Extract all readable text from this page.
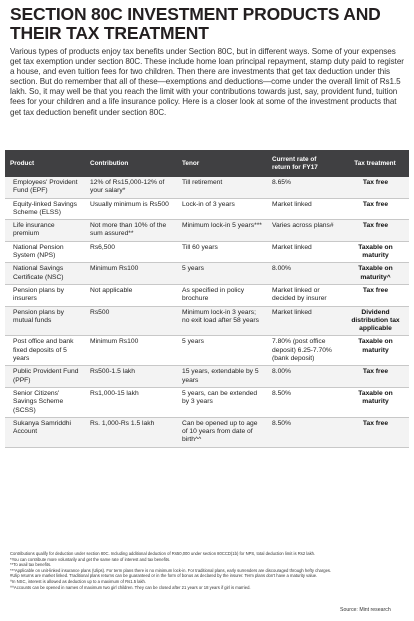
SECTION 80C INVESTMENT PRODUCTS AND THEIR TAX TREATMENT
Various types of products enjoy tax benefits under Section 80C, but in different ways. Some of your expenses get tax exemption under section 80C. These include home loan principal repayment, stamp duty paid to register a house, and even tuition fees for two children. Then there are investments that get tax deduction under this section. But do remember that all of these—exemptions and deductions—come under the overall limit of Rs1.5 lakh. So, it may well be that you reach the limit with your contributions towards just, say, provident fund, tuition fees for your children and a life insurance policy. Here is a closer look at some of the investment products that get tax deduction benefit under section 80C.
Product	Contribution	Tenor	Current rate of return for FY17	Tax treatment
Employees' Provident Fund (EPF)	12% of Rs15,000-12% of your salary*	Till retirement	8.65%	Tax free
Equity-linked Savings Scheme (ELSS)	Usually minimum is Rs500	Lock-in of 3 years	Market linked	Tax free
Life insurance premium	Not more than 10% of the sum assured**	Minimum lock-in 5 years***	Varies across plans#	Tax free
National Pension System (NPS)	Rs6,500	Till 60 years	Market linked	Taxable on maturity
National Savings Certificate (NSC)	Minimum Rs100	5 years	8.00%	Taxable on maturity^
Pension plans by insurers	Not applicable	As specified in policy brochure	Market linked or decided by insurer	Tax free
Pension plans by mutual funds	Rs500	Minimum lock-in 3 years; no exit load after 58 years	Market linked	Dividend distribution tax applicable
Post office and bank fixed deposits of 5 years	Minimum Rs100	5 years	7.80% (post office deposit) 6.25-7.70% (bank deposit)	Taxable on maturity
Public Provident Fund (PPF)	Rs500-1.5 lakh	15 years, extendable by 5 years	8.00%	Tax free
Senior Citizens' Savings Scheme (SCSS)	Rs1,000-15 lakh	5 years, can be extended by 3 years	8.50%	Taxable on maturity
Sukanya Samriddhi Account	Rs. 1,000-Rs 1.5 lakh	Can be opened up to age of 10 years from date of birth^^	8.50%	Tax free
Contributions qualify for deduction under section 80C. Including additional deduction of Rs50,000 under section 80CCD(1b) for NPS, total deduction limit is Rs2 lakh.
*You can contribute more voluntarily and get the same rate of interest and tax benefits.
**To avail tax benefits.
***Applicable on unit-linked insurance plans (Ulips). For term plans there is no minimum lock-in. For traditional plans, early surrenders are discouraged through hefty charges.
#Ulip returns are market linked. Traditional plans returns can be guaranteed or in the form of bonus as declared by the insurer. Term plans don't have a maturity value.
^In NSC, interest is allowed as deduction up to a maximum of Rs1.5 lakh.
^^Accounts can be opened in names of maximum two girl children. They can be closed after 21 years or 18 years if girl is married.
Source: Mint research
